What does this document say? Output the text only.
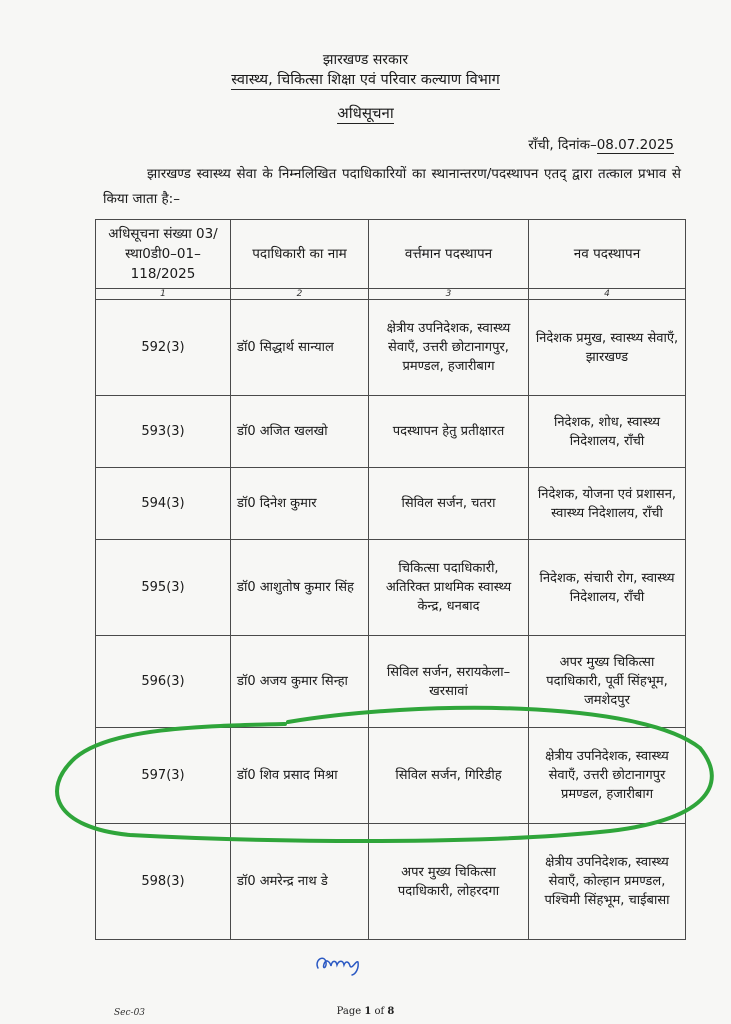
झारखण्ड सरकार
स्वास्थ्य, चिकित्सा शिक्षा एवं परिवार कल्याण विभाग
अधिसूचना
राँची, दिनांक–08.07.2025
झारखण्ड स्वास्थ्य सेवा के निम्नलिखित पदाधिकारियों का स्थानान्तरण/पदस्थापन एतद् द्वारा तत्काल प्रभाव से किया जाता है:–
अधिसूचना संख्या 03/स्था0डी0–01–118/2025	पदाधिकारी का नाम	वर्त्तमान पदस्थापन	नव पदस्थापन
1	2	3	4
592(3)	डॉ0 सिद्धार्थ सान्याल	क्षेत्रीय उपनिदेशक, स्वास्थ्य सेवाएँ, उत्तरी छोटानागपुर, प्रमण्डल, हजारीबाग	निदेशक प्रमुख, स्वास्थ्य सेवाएँ, झारखण्ड
593(3)	डॉ0 अजित खलखो	पदस्थापन हेतु प्रतीक्षारत	निदेशक, शोध, स्वास्थ्य निदेशालय, राँची
594(3)	डॉ0 दिनेश कुमार	सिविल सर्जन, चतरा	निदेशक, योजना एवं प्रशासन, स्वास्थ्य निदेशालय, राँची
595(3)	डॉ0 आशुतोष कुमार सिंह	चिकित्सा पदाधिकारी, अतिरिक्त प्राथमिक स्वास्थ्य केन्द्र, धनबाद	निदेशक, संचारी रोग, स्वास्थ्य निदेशालय, राँची
596(3)	डॉ0 अजय कुमार सिन्हा	सिविल सर्जन, सरायकेला–खरसावां	अपर मुख्य चिकित्सा पदाधिकारी, पूर्वी सिंहभूम, जमशेदपुर
597(3)	डॉ0 शिव प्रसाद मिश्रा	सिविल सर्जन, गिरिडीह	क्षेत्रीय उपनिदेशक, स्वास्थ्य सेवाएँ, उत्तरी छोटानागपुर प्रमण्डल, हजारीबाग
598(3)	डॉ0 अमरेन्द्र नाथ डे	अपर मुख्य चिकित्सा पदाधिकारी, लोहरदगा	क्षेत्रीय उपनिदेशक, स्वास्थ्य सेवाएँ, कोल्हान प्रमण्डल, पश्चिमी सिंहभूम, चाईबासा
Sec-03	Page 1 of 8
